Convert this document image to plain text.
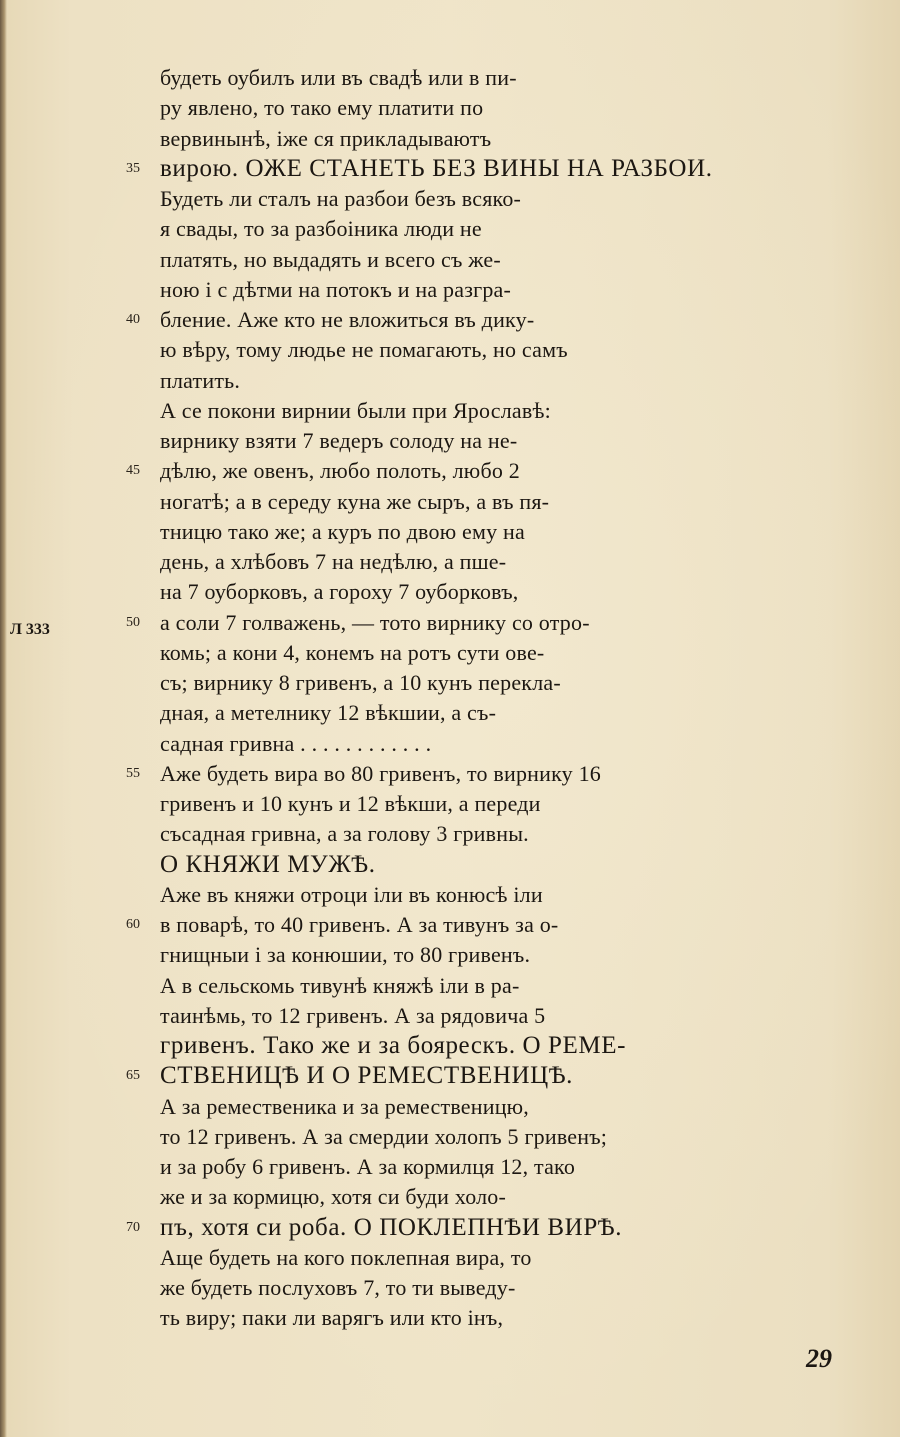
будеть оубилъ или въ свадѣ или в пи-
ру явлено, то тако ему платити по
вервинынѣ, іже ся прикладываютъ
35 вирою. ОЖЕ СТАНЕТЬ БЕЗ ВИНЫ НА РАЗБОИ.
Будеть ли сталъ на разбои безъ всяко-
я свады, то за разбоіника люди не
платять, но выдадять и всего съ же-
ною і с дѣтми на потокъ и на разгра-
40 бление. Аже кто не вложиться въ дику-
ю вѣру, тому людье не помагають, но самъ
платить.
А се покони вирнии были при Ярославѣ:
вирнику взяти 7 ведеръ солоду на не-
45 дѣлю, же овенъ, любо полоть, любо 2
ногатѣ; а в середу куна же сыръ, а въ пя-
тницю тако же; а куръ по двою ему на
день, а хлѣбовъ 7 на недѣлю, а пше-
на 7 оуборковъ, а гороху 7 оуборковъ,
50 а соли 7 голважень, — тото вирнику со отро-
комь; а кони 4, конемъ на ротъ сути ове-
съ; вирнику 8 гривенъ, а 10 кунъ перекла-
дная, а метелнику 12 вѣкшии, а съ-
садная гривна . . . . . . . . . . . .
55 Аже будеть вира во 80 гривенъ, то вирнику 16
гривенъ и 10 кунъ и 12 вѣкши, а переди
съсадная гривна, а за голову 3 гривны.
О КНЯЖИ МУЖѢ.
Аже въ княжи отроци іли въ конюсѣ іли
60 в поварѣ, то 40 гривенъ. А за тивунъ за о-
гнищныи і за конюшии, то 80 гривенъ.
А в сельскомь тивунѣ княжѣ іли в ра-
таинѣмь, то 12 гривенъ. А за рядовича 5
гривенъ. Тако же и за боярескъ. О РЕМЕ-
65 СТВЕНИЦѢ И О РЕМЕСТВЕНИЦѢ.
А за ремественика и за ремественицю,
то 12 гривенъ. А за смердии холопъ 5 гривенъ;
и за робу 6 гривенъ. А за кормилця 12, тако
же и за кормицю, хотя си буди холо-
70 пъ, хотя си роба. О ПОКЛЕПНѢИ ВИРѢ.
Аще будеть на кого поклепная вира, то
же будеть послуховъ 7, то ти выведу-
ть виру; паки ли варягъ или кто інъ,
Л 333
29
